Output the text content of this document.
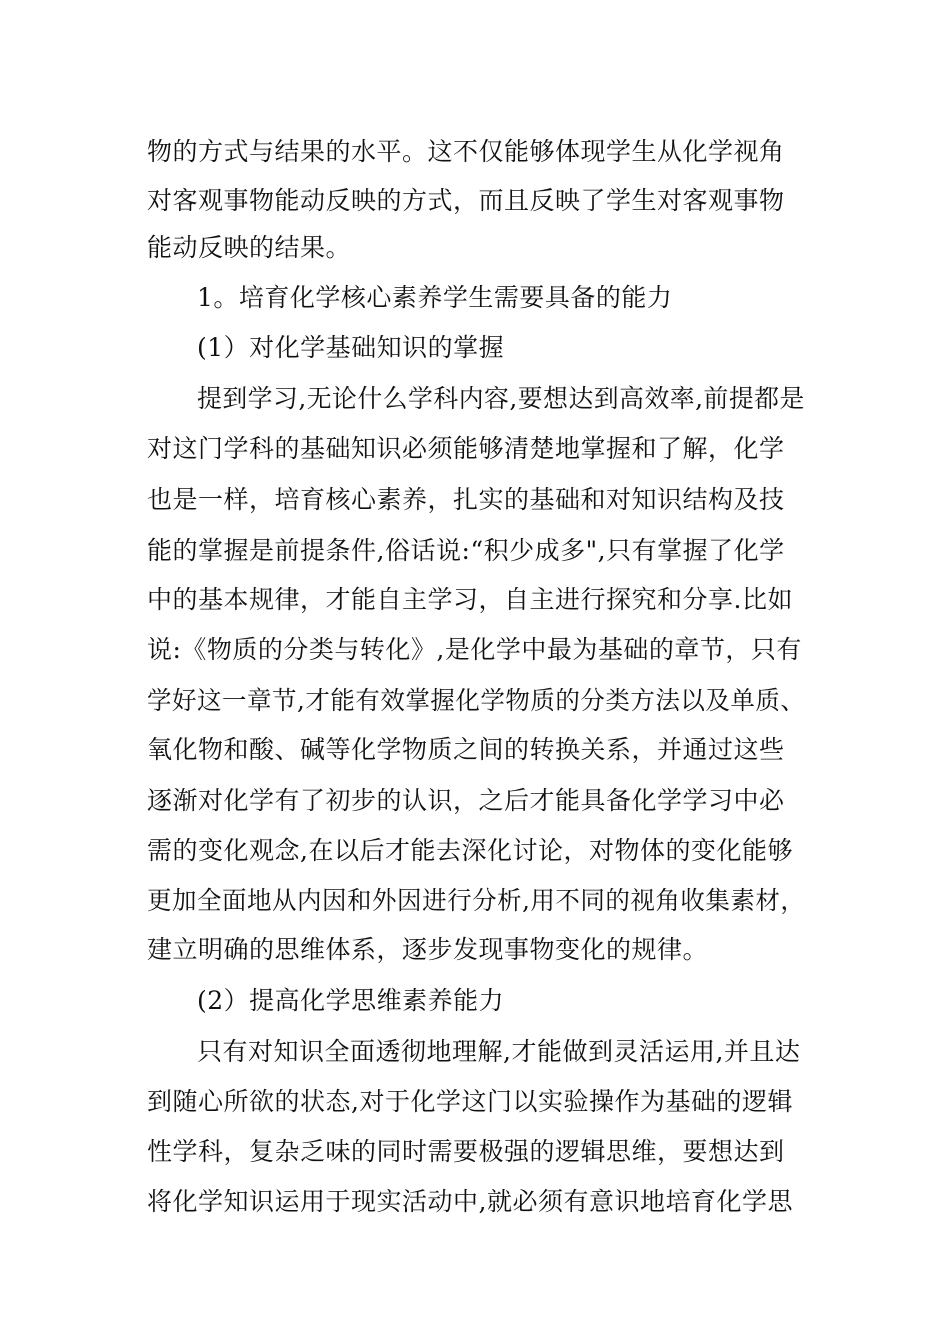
物的方式与结果的水平。这不仅能够体现学生从化学视角
对客观事物能动反映的方式，而且反映了学生对客观事物
能动反映的结果。
1。培育化学核心素养学生需要具备的能力
(1）对化学基础知识的掌握
提到学习,无论什么学科内容,要想达到高效率,前提都是
对这门学科的基础知识必须能够清楚地掌握和了解，化学
也是一样，培育核心素养，扎实的基础和对知识结构及技
能的掌握是前提条件,俗话说:“积少成多",只有掌握了化学
中的基本规律，才能自主学习，自主进行探究和分享.比如
说:《物质的分类与转化》,是化学中最为基础的章节，只有
学好这一章节,才能有效掌握化学物质的分类方法以及单质、
氧化物和酸、碱等化学物质之间的转换关系，并通过这些
逐渐对化学有了初步的认识，之后才能具备化学学习中必
需的变化观念,在以后才能去深化讨论，对物体的变化能够
更加全面地从内因和外因进行分析,用不同的视角收集素材，
建立明确的思维体系，逐步发现事物变化的规律。
(2）提高化学思维素养能力
只有对知识全面透彻地理解,才能做到灵活运用,并且达
到随心所欲的状态,对于化学这门以实验操作为基础的逻辑
性学科，复杂乏味的同时需要极强的逻辑思维，要想达到
将化学知识运用于现实活动中,就必须有意识地培育化学思
